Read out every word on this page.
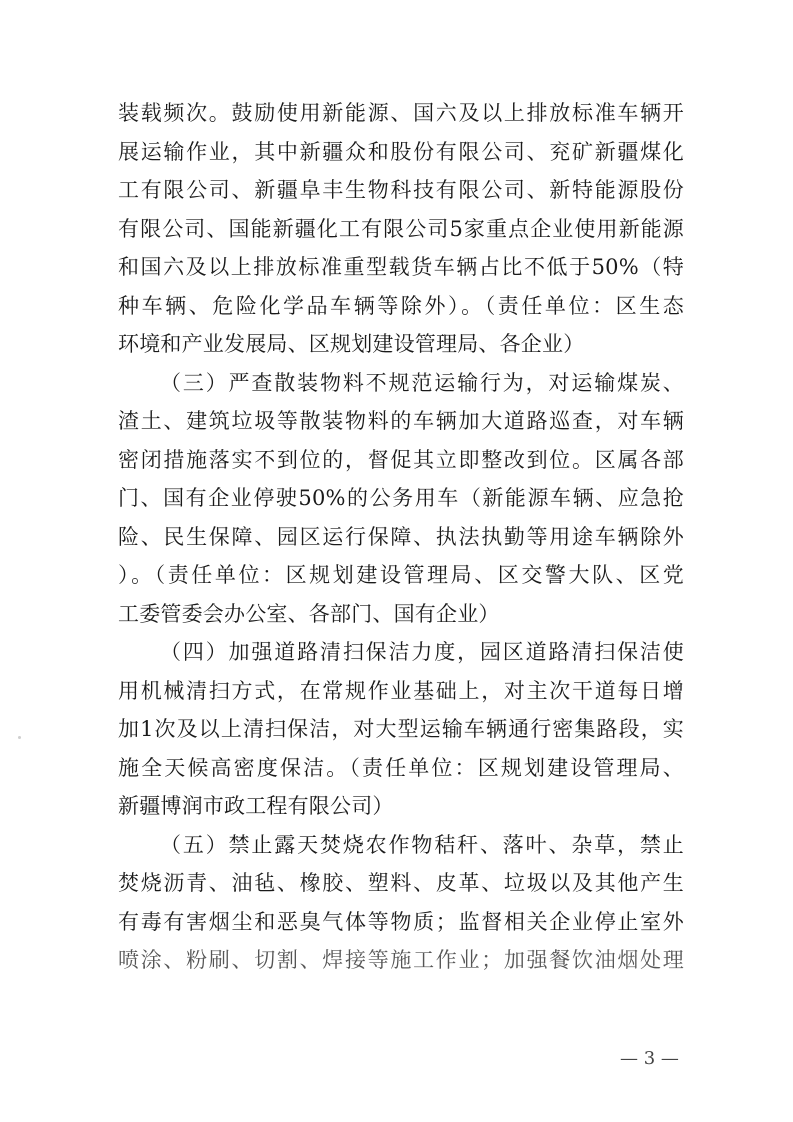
装载频次。鼓励使用新能源、国六及以上排放标准车辆开
展运输作业，其中新疆众和股份有限公司、兖矿新疆煤化
工有限公司、新疆阜丰生物科技有限公司、新特能源股份
有限公司、国能新疆化工有限公司5家重点企业使用新能源
和国六及以上排放标准重型载货车辆占比不低于50%（特
种车辆、危险化学品车辆等除外）。（责任单位：区生态
环境和产业发展局、区规划建设管理局、各企业）
（三）严查散装物料不规范运输行为，对运输煤炭、
渣土、建筑垃圾等散装物料的车辆加大道路巡查，对车辆
密闭措施落实不到位的，督促其立即整改到位。区属各部
门、国有企业停驶50%的公务用车（新能源车辆、应急抢
险、民生保障、园区运行保障、执法执勤等用途车辆除外
）。（责任单位：区规划建设管理局、区交警大队、区党
工委管委会办公室、各部门、国有企业）
（四）加强道路清扫保洁力度，园区道路清扫保洁使
用机械清扫方式，在常规作业基础上，对主次干道每日增
加1次及以上清扫保洁，对大型运输车辆通行密集路段，实
施全天候高密度保洁。（责任单位：区规划建设管理局、
新疆博润市政工程有限公司）
（五）禁止露天焚烧农作物秸秆、落叶、杂草，禁止
焚烧沥青、油毡、橡胶、塑料、皮革、垃圾以及其他产生
有毒有害烟尘和恶臭气体等物质；监督相关企业停止室外
喷涂、粉刷、切割、焊接等施工作业；加强餐饮油烟处理
— 3 —
